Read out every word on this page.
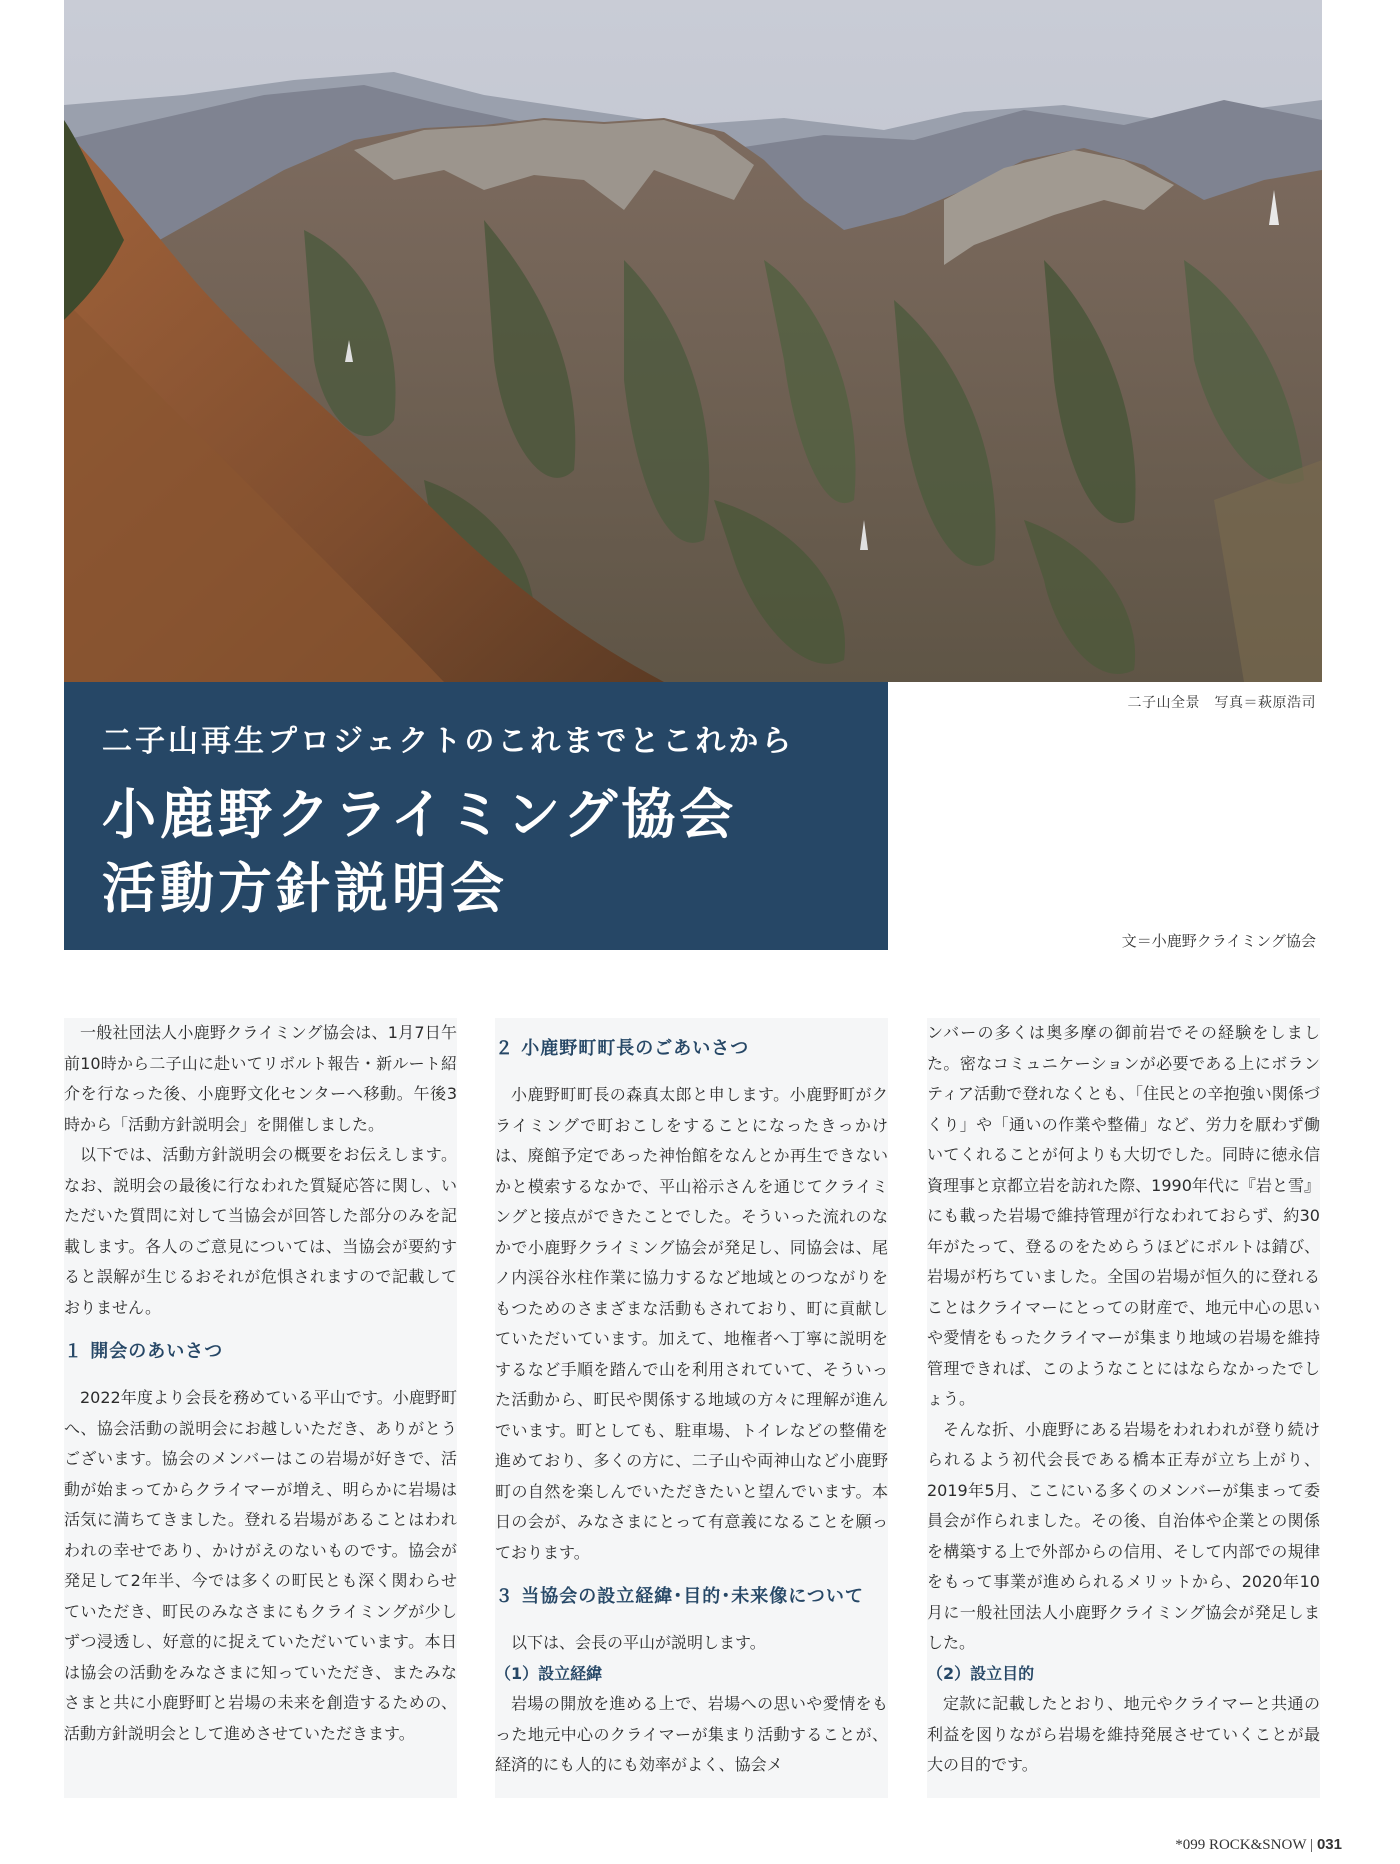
二子山全景　写真＝萩原浩司
二子山再生プロジェクトのこれまでとこれから
小鹿野クライミング協会
活動方針説明会
文＝小鹿野クライミング協会

一般社団法人小鹿野クライミング協会は、1月7日午前10時から二子山に赴いてリボルト報告・新ルート紹介を行なった後、小鹿野文化センターへ移動。午後3時から「活動方針説明会」を開催しました。

以下では、活動方針説明会の概要をお伝えします。なお、説明会の最後に行なわれた質疑応答に関し、いただいた質問に対して当協会が回答した部分のみを記載します。各人のご意見については、当協会が要約すると誤解が生じるおそれが危惧されますので記載しておりません。

１ 開会のあいさつ

2022年度より会長を務めている平山です。小鹿野町へ、協会活動の説明会にお越しいただき、ありがとうございます。協会のメンバーはこの岩場が好きで、活動が始まってからクライマーが増え、明らかに岩場は活気に満ちてきました。登れる岩場があることはわれわれの幸せであり、かけがえのないものです。協会が発足して2年半、今では多くの町民とも深く関わらせていただき、町民のみなさまにもクライミングが少しずつ浸透し、好意的に捉えていただいています。本日は協会の活動をみなさまに知っていただき、またみなさまと共に小鹿野町と岩場の未来を創造するための、活動方針説明会として進めさせていただきます。

２ 小鹿野町町長のごあいさつ

小鹿野町町長の森真太郎と申します。小鹿野町がクライミングで町おこしをすることになったきっかけは、廃館予定であった神怡館をなんとか再生できないかと模索するなかで、平山裕示さんを通じてクライミングと接点ができたことでした。そういった流れのなかで小鹿野クライミング協会が発足し、同協会は、尾ノ内渓谷氷柱作業に協力するなど地域とのつながりをもつためのさまざまな活動もされており、町に貢献していただいています。加えて、地権者へ丁寧に説明をするなど手順を踏んで山を利用されていて、そういった活動から、町民や関係する地域の方々に理解が進んでいます。町としても、駐車場、トイレなどの整備を進めており、多くの方に、二子山や両神山など小鹿野町の自然を楽しんでいただきたいと望んでいます。本日の会が、みなさまにとって有意義になることを願っております。

３ 当協会の設立経緯･目的･未来像について

以下は、会長の平山が説明します。

（1）設立経緯

岩場の開放を進める上で、岩場への思いや愛情をもった地元中心のクライマーが集まり活動することが、経済的にも人的にも効率がよく、協会メ

ンバーの多くは奥多摩の御前岩でその経験をしました。密なコミュニケーションが必要である上にボランティア活動で登れなくとも、「住民との辛抱強い関係づくり」や「通いの作業や整備」など、労力を厭わず働いてくれることが何よりも大切でした。同時に徳永信資理事と京都立岩を訪れた際、1990年代に『岩と雪』にも載った岩場で維持管理が行なわれておらず、約30年がたって、登るのをためらうほどにボルトは錆び、岩場が朽ちていました。全国の岩場が恒久的に登れることはクライマーにとっての財産で、地元中心の思いや愛情をもったクライマーが集まり地域の岩場を維持管理できれば、このようなことにはならなかったでしょう。

そんな折、小鹿野にある岩場をわれわれが登り続けられるよう初代会長である橋本正寿が立ち上がり、2019年5月、ここにいる多くのメンバーが集まって委員会が作られました。その後、自治体や企業との関係を構築する上で外部からの信用、そして内部での規律をもって事業が進められるメリットから、2020年10月に一般社団法人小鹿野クライミング協会が発足しました。

（2）設立目的

定款に記載したとおり、地元やクライマーと共通の利益を図りながら岩場を維持発展させていくことが最大の目的です。

*099 ROCK&SNOW | 031
